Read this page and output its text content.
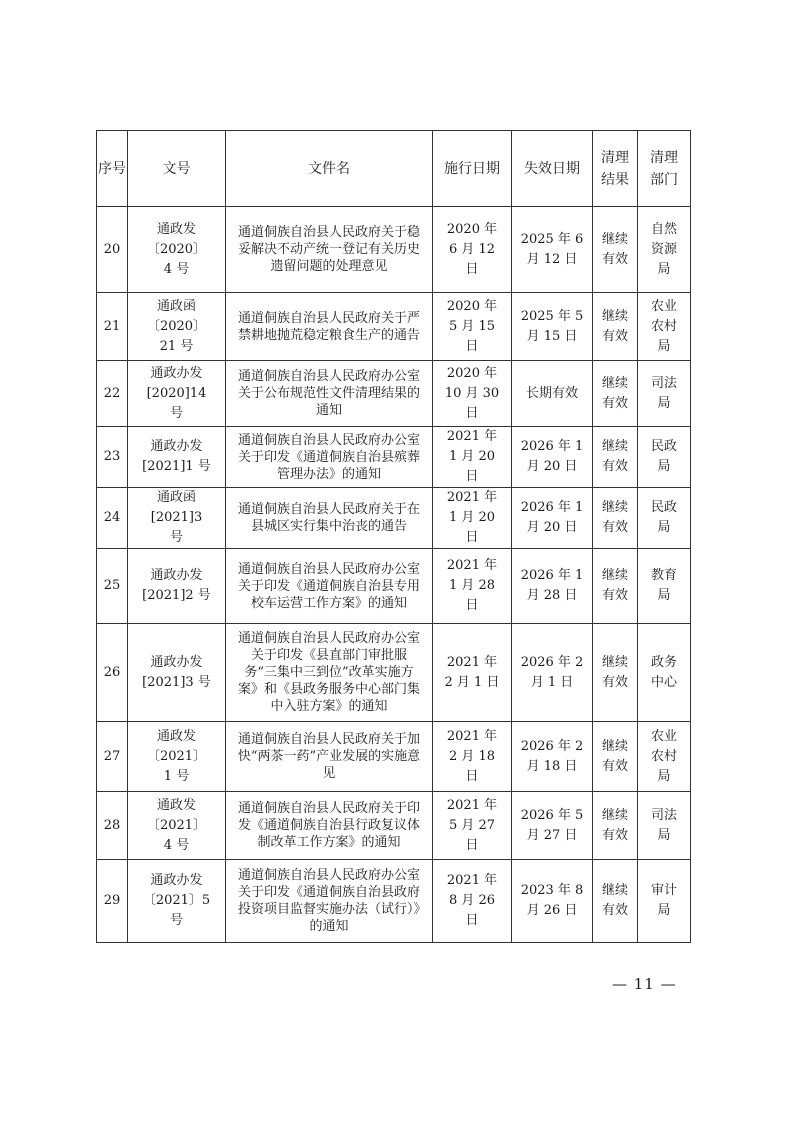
序号	文号	文件名	施行日期	失效日期	清理结果	清理部门
20	通政发〔2020〕4 号	通道侗族自治县人民政府关于稳妥解决不动产统一登记有关历史遗留问题的处理意见	2020 年 6 月 12 日	2025 年 6 月 12 日	继续有效	自然资源局
21	通政函〔2020〕21 号	通道侗族自治县人民政府关于严禁耕地抛荒稳定粮食生产的通告	2020 年 5 月 15 日	2025 年 5 月 15 日	继续有效	农业农村局
22	通政办发[2020]14 号	通道侗族自治县人民政府办公室关于公布规范性文件清理结果的通知	2020 年 10 月 30 日	长期有效	继续有效	司法局
23	通政办发[2021]1 号	通道侗族自治县人民政府办公室关于印发《通道侗族自治县殡葬管理办法》的通知	2021 年 1 月 20 日	2026 年 1 月 20 日	继续有效	民政局
24	通政函[2021]3 号	通道侗族自治县人民政府关于在县城区实行集中治丧的通告	2021 年 1 月 20 日	2026 年 1 月 20 日	继续有效	民政局
25	通政办发[2021]2 号	通道侗族自治县人民政府办公室关于印发《通道侗族自治县专用校车运营工作方案》的通知	2021 年 1 月 28 日	2026 年 1 月 28 日	继续有效	教育局
26	通政办发[2021]3 号	通道侗族自治县人民政府办公室关于印发《县直部门审批服务“三集中三到位”改革实施方案》和《县政务服务中心部门集中入驻方案》的通知	2021 年 2 月 1 日	2026 年 2 月 1 日	继续有效	政务中心
27	通政发〔2021〕1 号	通道侗族自治县人民政府关于加快“两茶一药”产业发展的实施意见	2021 年 2 月 18 日	2026 年 2 月 18 日	继续有效	农业农村局
28	通政发〔2021〕4 号	通道侗族自治县人民政府关于印发《通道侗族自治县行政复议体制改革工作方案》的通知	2021 年 5 月 27 日	2026 年 5 月 27 日	继续有效	司法局
29	通政办发〔2021〕5 号	通道侗族自治县人民政府办公室关于印发《通道侗族自治县政府投资项目监督实施办法（试行）》的通知	2021 年 8 月 26 日	2023 年 8 月 26 日	继续有效	审计局
— 11 —
